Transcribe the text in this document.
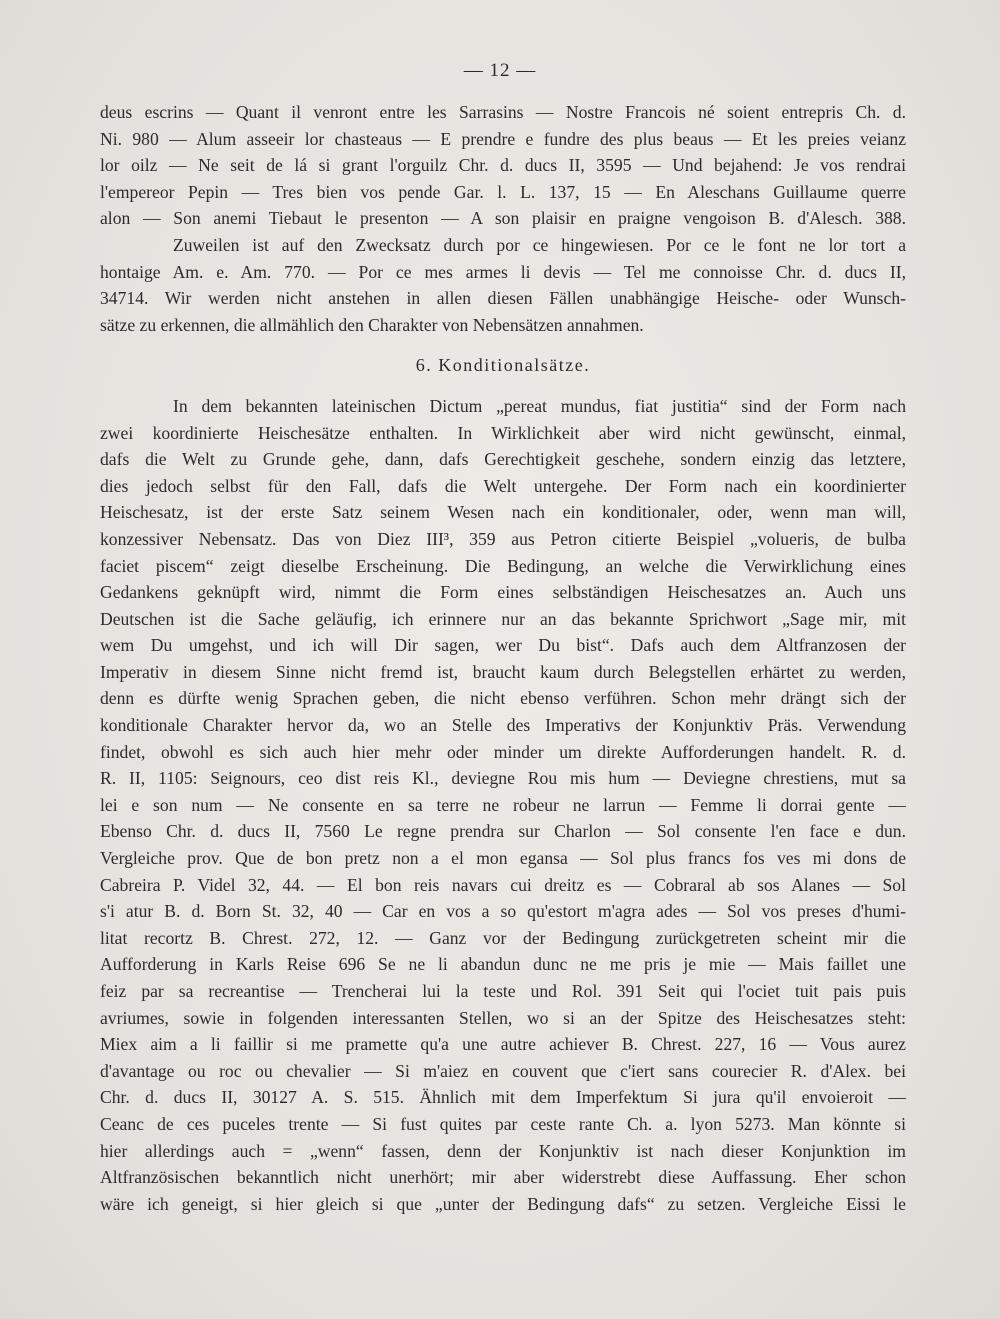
— 12 —
deus escrins — Quant il venront entre les Sarrasins — Nostre Francois né soient entrepris Ch. d.
Ni. 980 — Alum asseeir lor chasteaus — E prendre e fundre des plus beaus — Et les preies veianz
lor oilz — Ne seit de lá si grant l'orguilz Chr. d. ducs II, 3595 — Und bejahend: Je vos rendrai
l'empereor Pepin — Tres bien vos pende Gar. l. L. 137, 15 — En Aleschans Guillaume querre
alon — Son anemi Tiebaut le presenton — A son plaisir en praigne vengoison B. d'Alesch. 388.
Zuweilen ist auf den Zwecksatz durch por ce hingewiesen. Por ce le font ne lor tort a
hontaige Am. e. Am. 770. — Por ce mes armes li devis — Tel me connoisse Chr. d. ducs II,
34714. Wir werden nicht anstehen in allen diesen Fällen unabhängige Heische- oder Wunsch-
sätze zu erkennen, die allmählich den Charakter von Nebensätzen annahmen.
6. Konditionalsätze.
In dem bekannten lateinischen Dictum „pereat mundus, fiat justitia“ sind der Form nach
zwei koordinierte Heischesätze enthalten. In Wirklichkeit aber wird nicht gewünscht, einmal,
dafs die Welt zu Grunde gehe, dann, dafs Gerechtigkeit geschehe, sondern einzig das letztere,
dies jedoch selbst für den Fall, dafs die Welt untergehe. Der Form nach ein koordinierter
Heischesatz, ist der erste Satz seinem Wesen nach ein konditionaler, oder, wenn man will,
konzessiver Nebensatz. Das von Diez III³, 359 aus Petron citierte Beispiel „volueris, de bulba
faciet piscem“ zeigt dieselbe Erscheinung. Die Bedingung, an welche die Verwirklichung eines
Gedankens geknüpft wird, nimmt die Form eines selbständigen Heischesatzes an. Auch uns
Deutschen ist die Sache geläufig, ich erinnere nur an das bekannte Sprichwort „Sage mir, mit
wem Du umgehst, und ich will Dir sagen, wer Du bist“. Dafs auch dem Altfranzosen der
Imperativ in diesem Sinne nicht fremd ist, braucht kaum durch Belegstellen erhärtet zu werden,
denn es dürfte wenig Sprachen geben, die nicht ebenso verführen. Schon mehr drängt sich der
konditionale Charakter hervor da, wo an Stelle des Imperativs der Konjunktiv Präs. Verwendung
findet, obwohl es sich auch hier mehr oder minder um direkte Aufforderungen handelt. R. d.
R. II, 1105: Seignours, ceo dist reis Kl., deviegne Rou mis hum — Deviegne chrestiens, mut sa
lei e son num — Ne consente en sa terre ne robeur ne larrun — Femme li dorrai gente —
Ebenso Chr. d. ducs II, 7560 Le regne prendra sur Charlon — Sol consente l'en face e dun.
Vergleiche prov. Que de bon pretz non a el mon egansa — Sol plus francs fos ves mi dons de
Cabreira P. Videl 32, 44. — El bon reis navars cui dreitz es — Cobraral ab sos Alanes — Sol
s'i atur B. d. Born St. 32, 40 — Car en vos a so qu'estort m'agra ades — Sol vos preses d'humi-
litat recortz B. Chrest. 272, 12. — Ganz vor der Bedingung zurückgetreten scheint mir die
Aufforderung in Karls Reise 696 Se ne li abandun dunc ne me pris je mie — Mais faillet une
feiz par sa recreantise — Trencherai lui la teste und Rol. 391 Seit qui l'ociet tuit pais puis
avriumes, sowie in folgenden interessanten Stellen, wo si an der Spitze des Heischesatzes steht:
Miex aim a li faillir si me pramette qu'a une autre achiever B. Chrest. 227, 16 — Vous aurez
d'avantage ou roc ou chevalier — Si m'aiez en couvent que c'iert sans courecier R. d'Alex. bei
Chr. d. ducs II, 30127 A. S. 515. Ähnlich mit dem Imperfektum Si jura qu'il envoieroit —
Ceanc de ces puceles trente — Si fust quites par ceste rante Ch. a. lyon 5273. Man könnte si
hier allerdings auch = „wenn“ fassen, denn der Konjunktiv ist nach dieser Konjunktion im
Altfranzösischen bekanntlich nicht unerhört; mir aber widerstrebt diese Auffassung. Eher schon
wäre ich geneigt, si hier gleich si que „unter der Bedingung dafs“ zu setzen. Vergleiche Eissi le
